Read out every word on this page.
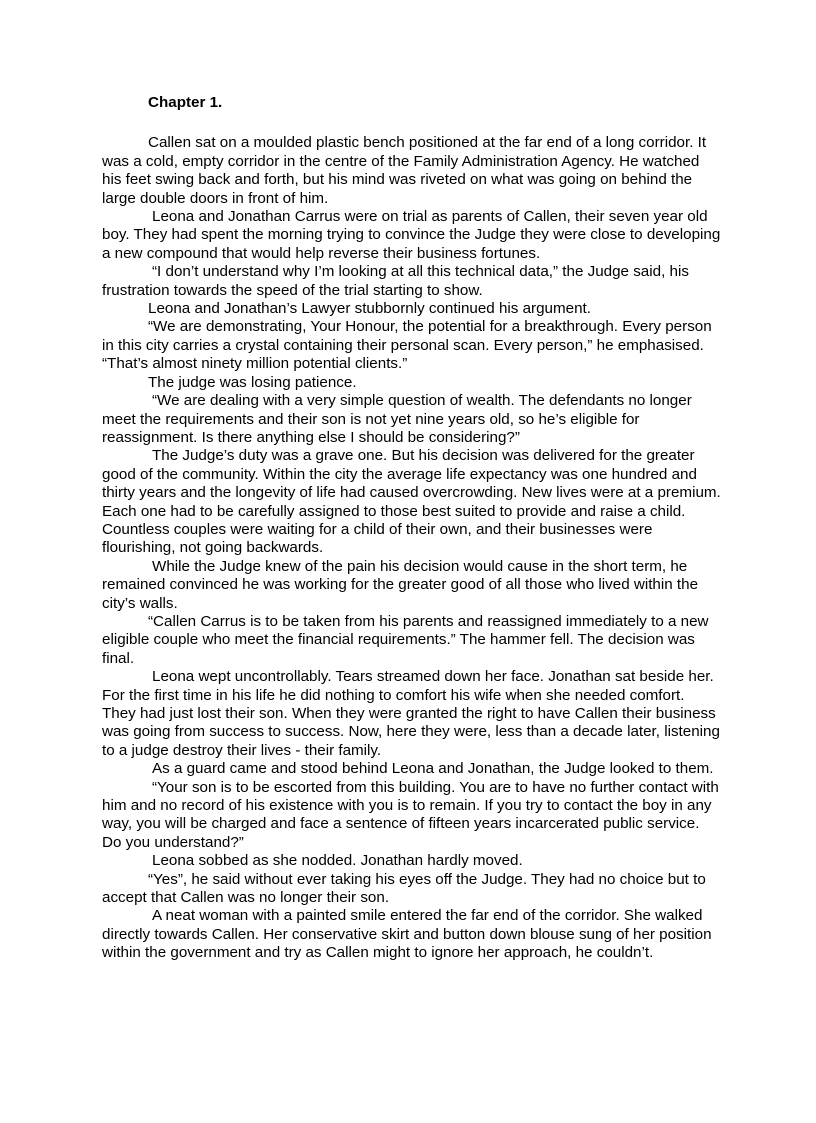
Chapter 1.

Callen sat on a moulded plastic bench positioned at the far end of a long corridor. It was a cold, empty corridor in the centre of the Family Administration Agency. He watched his feet swing back and forth, but his mind was riveted on what was going on behind the large double doors in front of him.

Leona and Jonathan Carrus were on trial as parents of Callen, their seven year old boy. They had spent the morning trying to convince the Judge they were close to developing a new compound that would help reverse their business fortunes.

“I don’t understand why I’m looking at all this technical data,” the Judge said, his frustration towards the speed of the trial starting to show.

Leona and Jonathan’s Lawyer stubbornly continued his argument.

“We are demonstrating, Your Honour, the potential for a breakthrough. Every person in this city carries a crystal containing their personal scan. Every person,” he emphasised. “That’s almost ninety million potential clients.”

The judge was losing patience.

“We are dealing with a very simple question of wealth. The defendants no longer meet the requirements and their son is not yet nine years old, so he’s eligible for reassignment. Is there anything else I should be considering?”

The Judge’s duty was a grave one. But his decision was delivered for the greater good of the community. Within the city the average life expectancy was one hundred and thirty years and the longevity of life had caused overcrowding. New lives were at a premium. Each one had to be carefully assigned to those best suited to provide and raise a child. Countless couples were waiting for a child of their own, and their businesses were flourishing, not going backwards.

While the Judge knew of the pain his decision would cause in the short term, he remained convinced he was working for the greater good of all those who lived within the city’s walls.

“Callen Carrus is to be taken from his parents and reassigned immediately to a new eligible couple who meet the financial requirements.” The hammer fell. The decision was final.

Leona wept uncontrollably. Tears streamed down her face. Jonathan sat beside her. For the first time in his life he did nothing to comfort his wife when she needed comfort. They had just lost their son. When they were granted the right to have Callen their business was going from success to success. Now, here they were, less than a decade later, listening to a judge destroy their lives - their family.

As a guard came and stood behind Leona and Jonathan, the Judge looked to them.

“Your son is to be escorted from this building. You are to have no further contact with him and no record of his existence with you is to remain. If you try to contact the boy in any way, you will be charged and face a sentence of fifteen years incarcerated public service. Do you understand?”

Leona sobbed as she nodded. Jonathan hardly moved.

“Yes”, he said without ever taking his eyes off the Judge. They had no choice but to accept that Callen was no longer their son.

A neat woman with a painted smile entered the far end of the corridor. She walked directly towards Callen. Her conservative skirt and button down blouse sung of her position within the government and try as Callen might to ignore her approach, he couldn’t.
